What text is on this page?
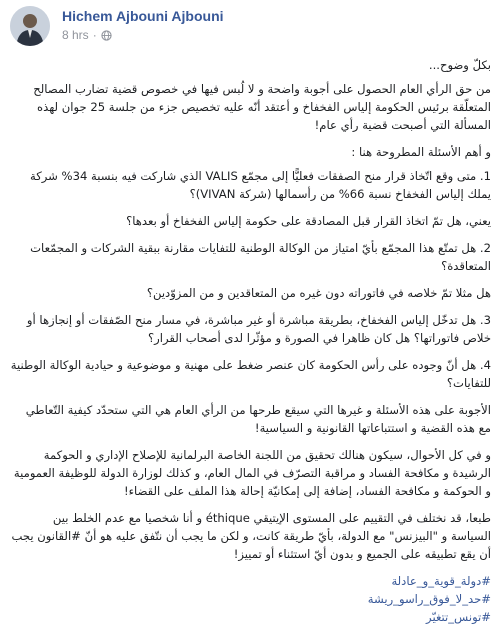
Hichem Ajbouni Ajbouni
8 hrs ·

بكلّ وضوح...

من حق الرأي العام الحصول على أجوبة واضحة و لا لُبس فيها في خصوص قضية تضارب المصالح المتعلّقة برئيس الحكومة إلياس الفخفاخ و أعتقد أنّه عليه تخصيص جزء من جلسة 25 جوان لهذه المسألة التي أصبحت قضية رأي عام!

و أهم الأسئلة المطروحة هنا :

1. متى وقع اتّخاذ قرار منح الصفقات فعليًّا إلى مجمّع VALIS الذي شاركت فيه بنسبة 34% شركة يملك إلياس الفخفاخ نسبة 66% من رأسمالها (شركة VIVAN)؟

يعني، هل تمّ اتخاذ القرار قبل المصادقة على حكومة إلياس الفخفاخ أو بعدها؟

2. هل تمتّع هذا المجمّع بأيّ امتياز من الوكالة الوطنية للتفايات مقارنة ببقية الشركات و المجمّعات المتعاقدة؟

هل مثلا تمّ خلاصه في فاتوراته دون غيره من المتعاقدين و من المزوّدين؟

3. هل تدخّل إلياس الفخفاخ، بطريقة مباشرة أو غير مباشرة، في مسار منح الصّفقات أو إنجازها أو خلاص فاتوراتها؟ هل كان ظاهرا في الصورة و مؤثّرا لدى أصحاب القرار؟

4. هل أنّ وجوده على رأس الحكومة كان عنصر ضغط على مهنية و موضوعية و حيادية الوكالة الوطنية للتفايات؟

الأجوبة على هذه الأسئلة و غيرها التي سيقع طرحها من الرأي العام هي التي ستحدّد كيفية التّعاطي مع هذه القضية و استتباعاتها القانونية و السياسية!

و في كل الأحوال، سيكون هنالك تحقيق من اللجنة الخاصة البرلمانية للإصلاح الإداري و الحوكمة الرشيدة و مكافحة الفساد و مراقبة التصرّف في المال العام، و كذلك لوزارة الدولة للوظيفة العمومية و الحوكمة و مكافحة الفساد، إضافة إلى إمكانيّة إحالة هذا الملف على القضاء!

طبعا، قد نختلف في التقييم على المستوى الإيتيقي éthique و أنا شخصيا مع عدم الخلط بين السياسة و "البيزنس" مع الدولة، بأيّ طريقة كانت، و لكن ما يجب أن نتّفق عليه هو أنّ #القانون يجب أن يقع تطبيقه على الجميع و بدون أيّ استثناء أو تمييز!

#دولة_قوية_و_عادلة
#حد_لا_فوق_راسو_ريشة
#تونس_تتغيّر
